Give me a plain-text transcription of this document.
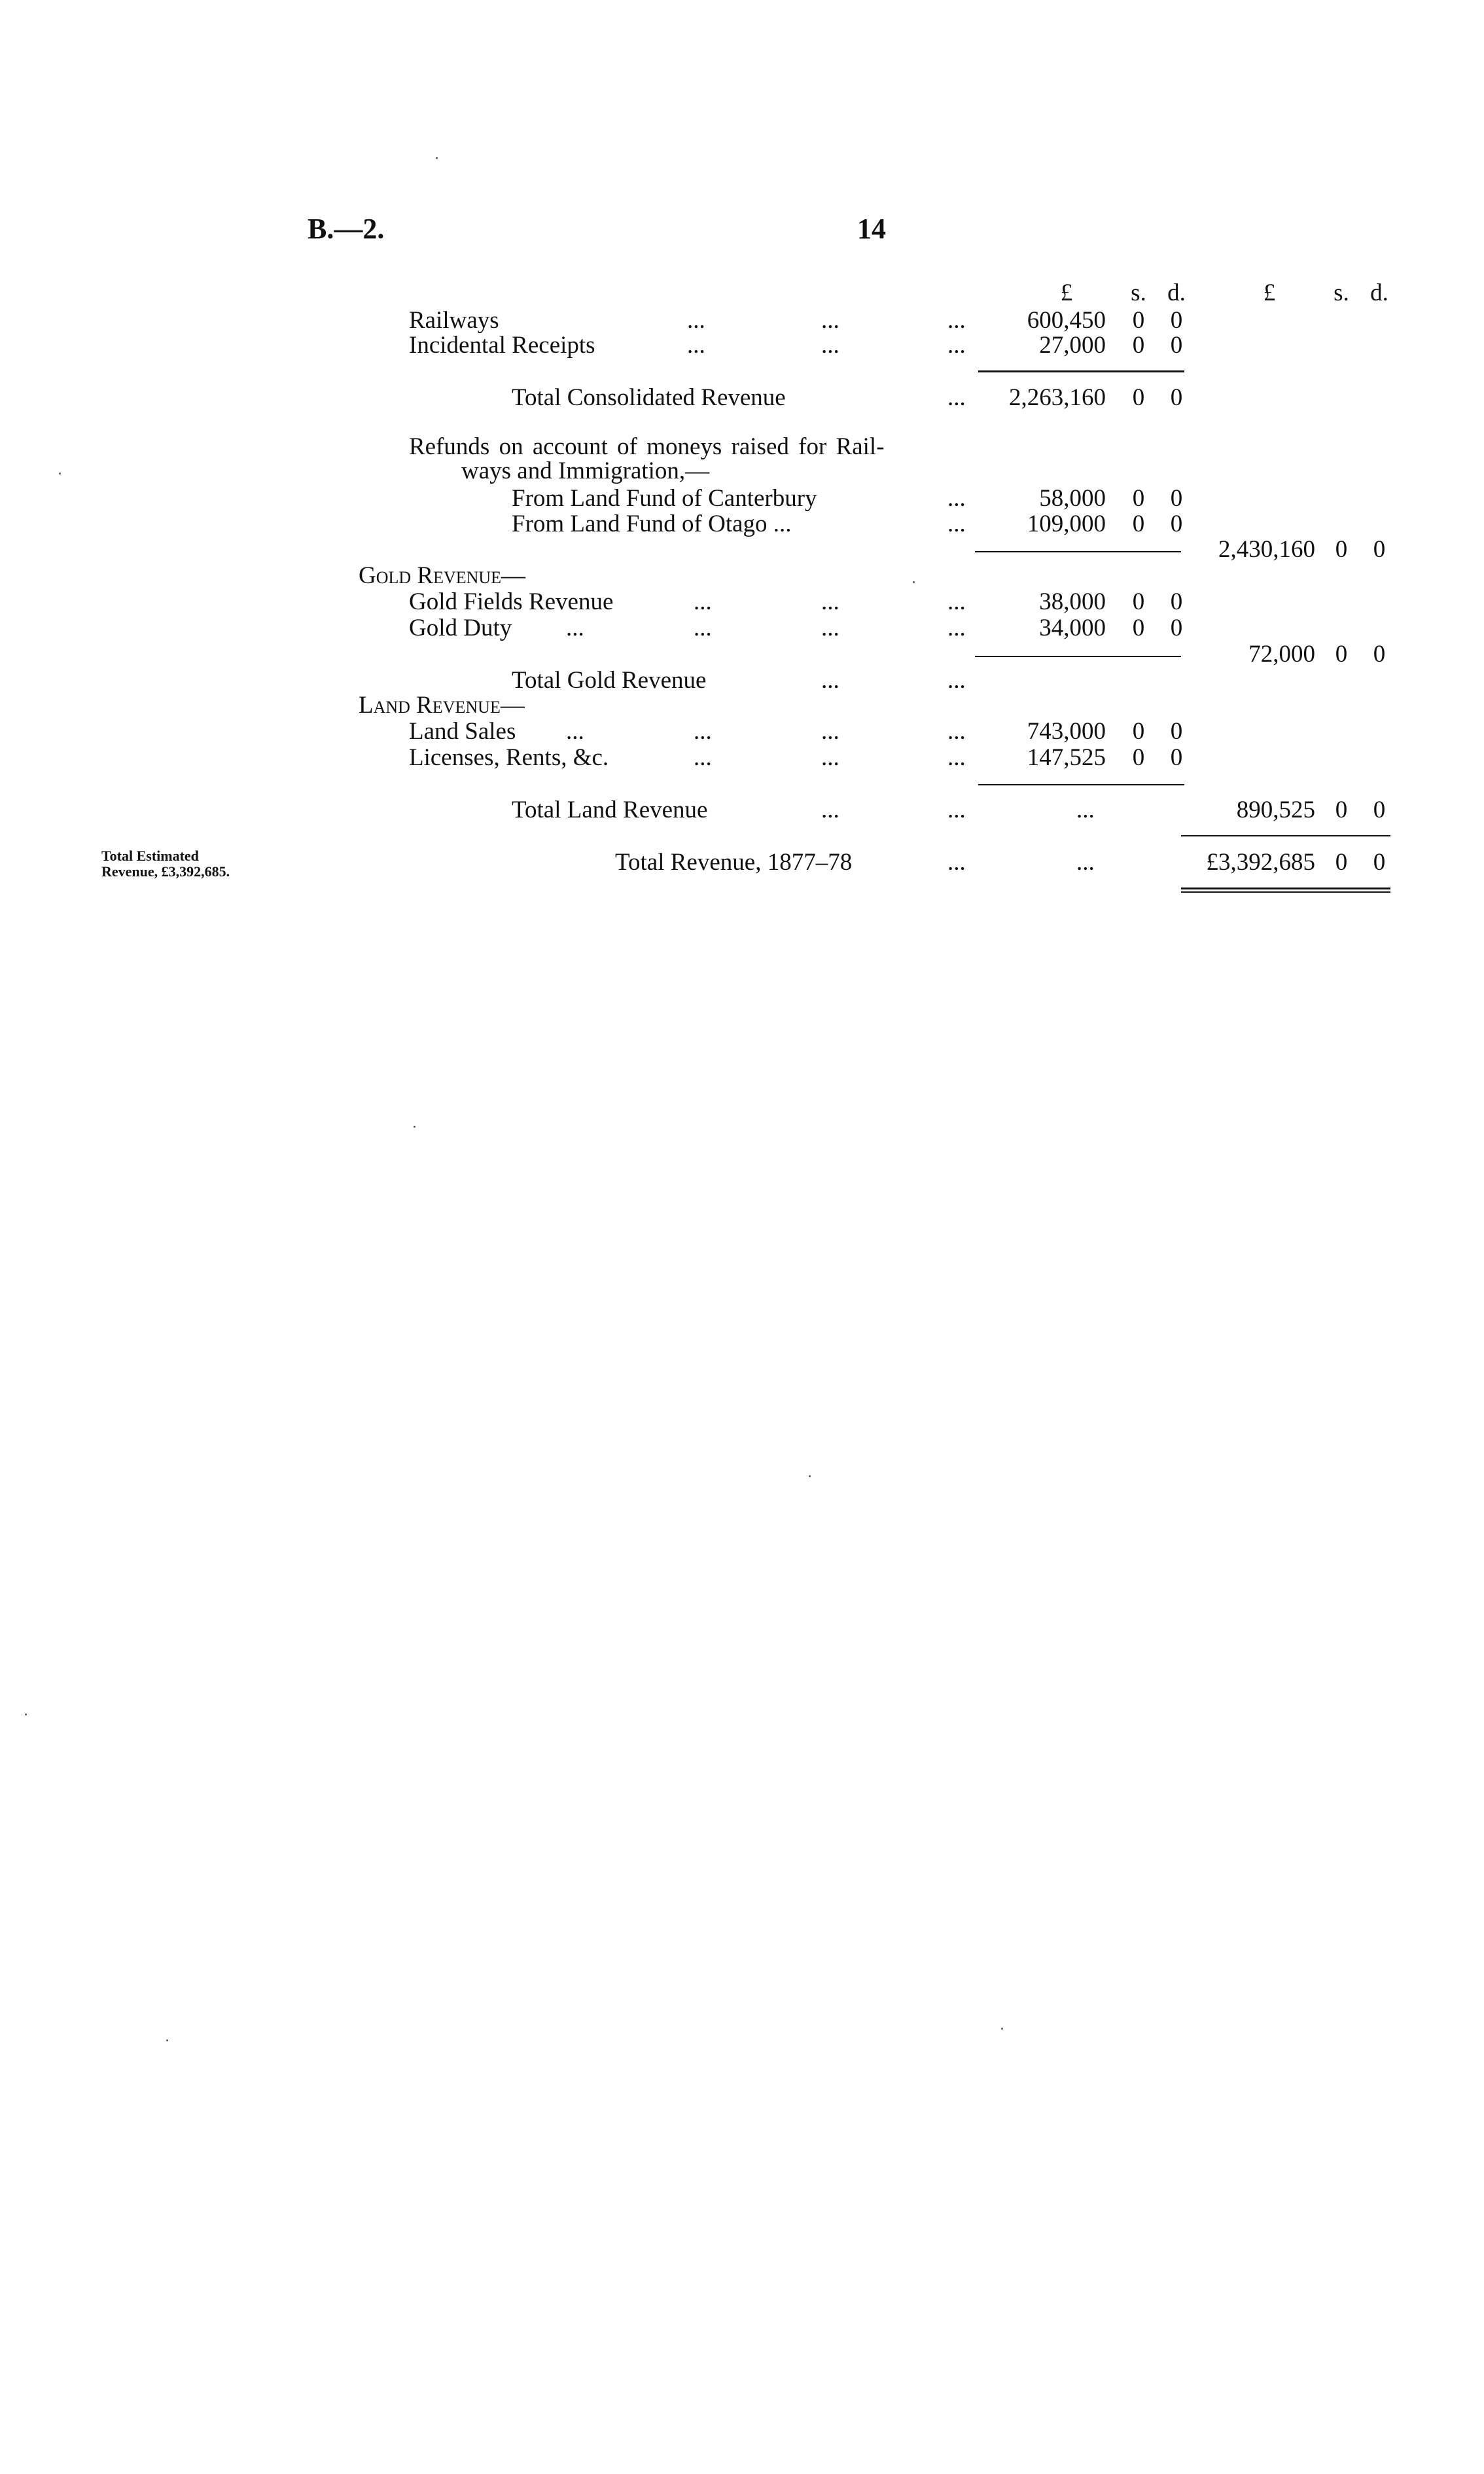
B.—2.	14
£	s. d.	£	s. d.
Railways	...	...	...	600,450 0 0
Incidental Receipts	...	...	...	27,000 0 0
Total Consolidated Revenue	...	2,263,160 0 0
Refunds on account of moneys raised for Rail-
ways and Immigration,—
From Land Fund of Canterbury	...	58,000 0 0
From Land Fund of Otago ...	...	109,000 0 0
2,430,160 0 0
Gold Revenue—
Gold Fields Revenue	...	...	...	38,000 0 0
Gold Duty ...	...	...	...	34,000 0 0
72,000 0 0
Total Gold Revenue	...	...
Land Revenue—
Land Sales ...	...	...	...	743,000 0 0
Licenses, Rents, &c.	...	...	...	147,525 0 0
Total Land Revenue	...	...	...	890,525 0 0
Total Estimated
Revenue, £3,392,685.	Total Revenue, 1877–78	...	...	£3,392,685 0 0
